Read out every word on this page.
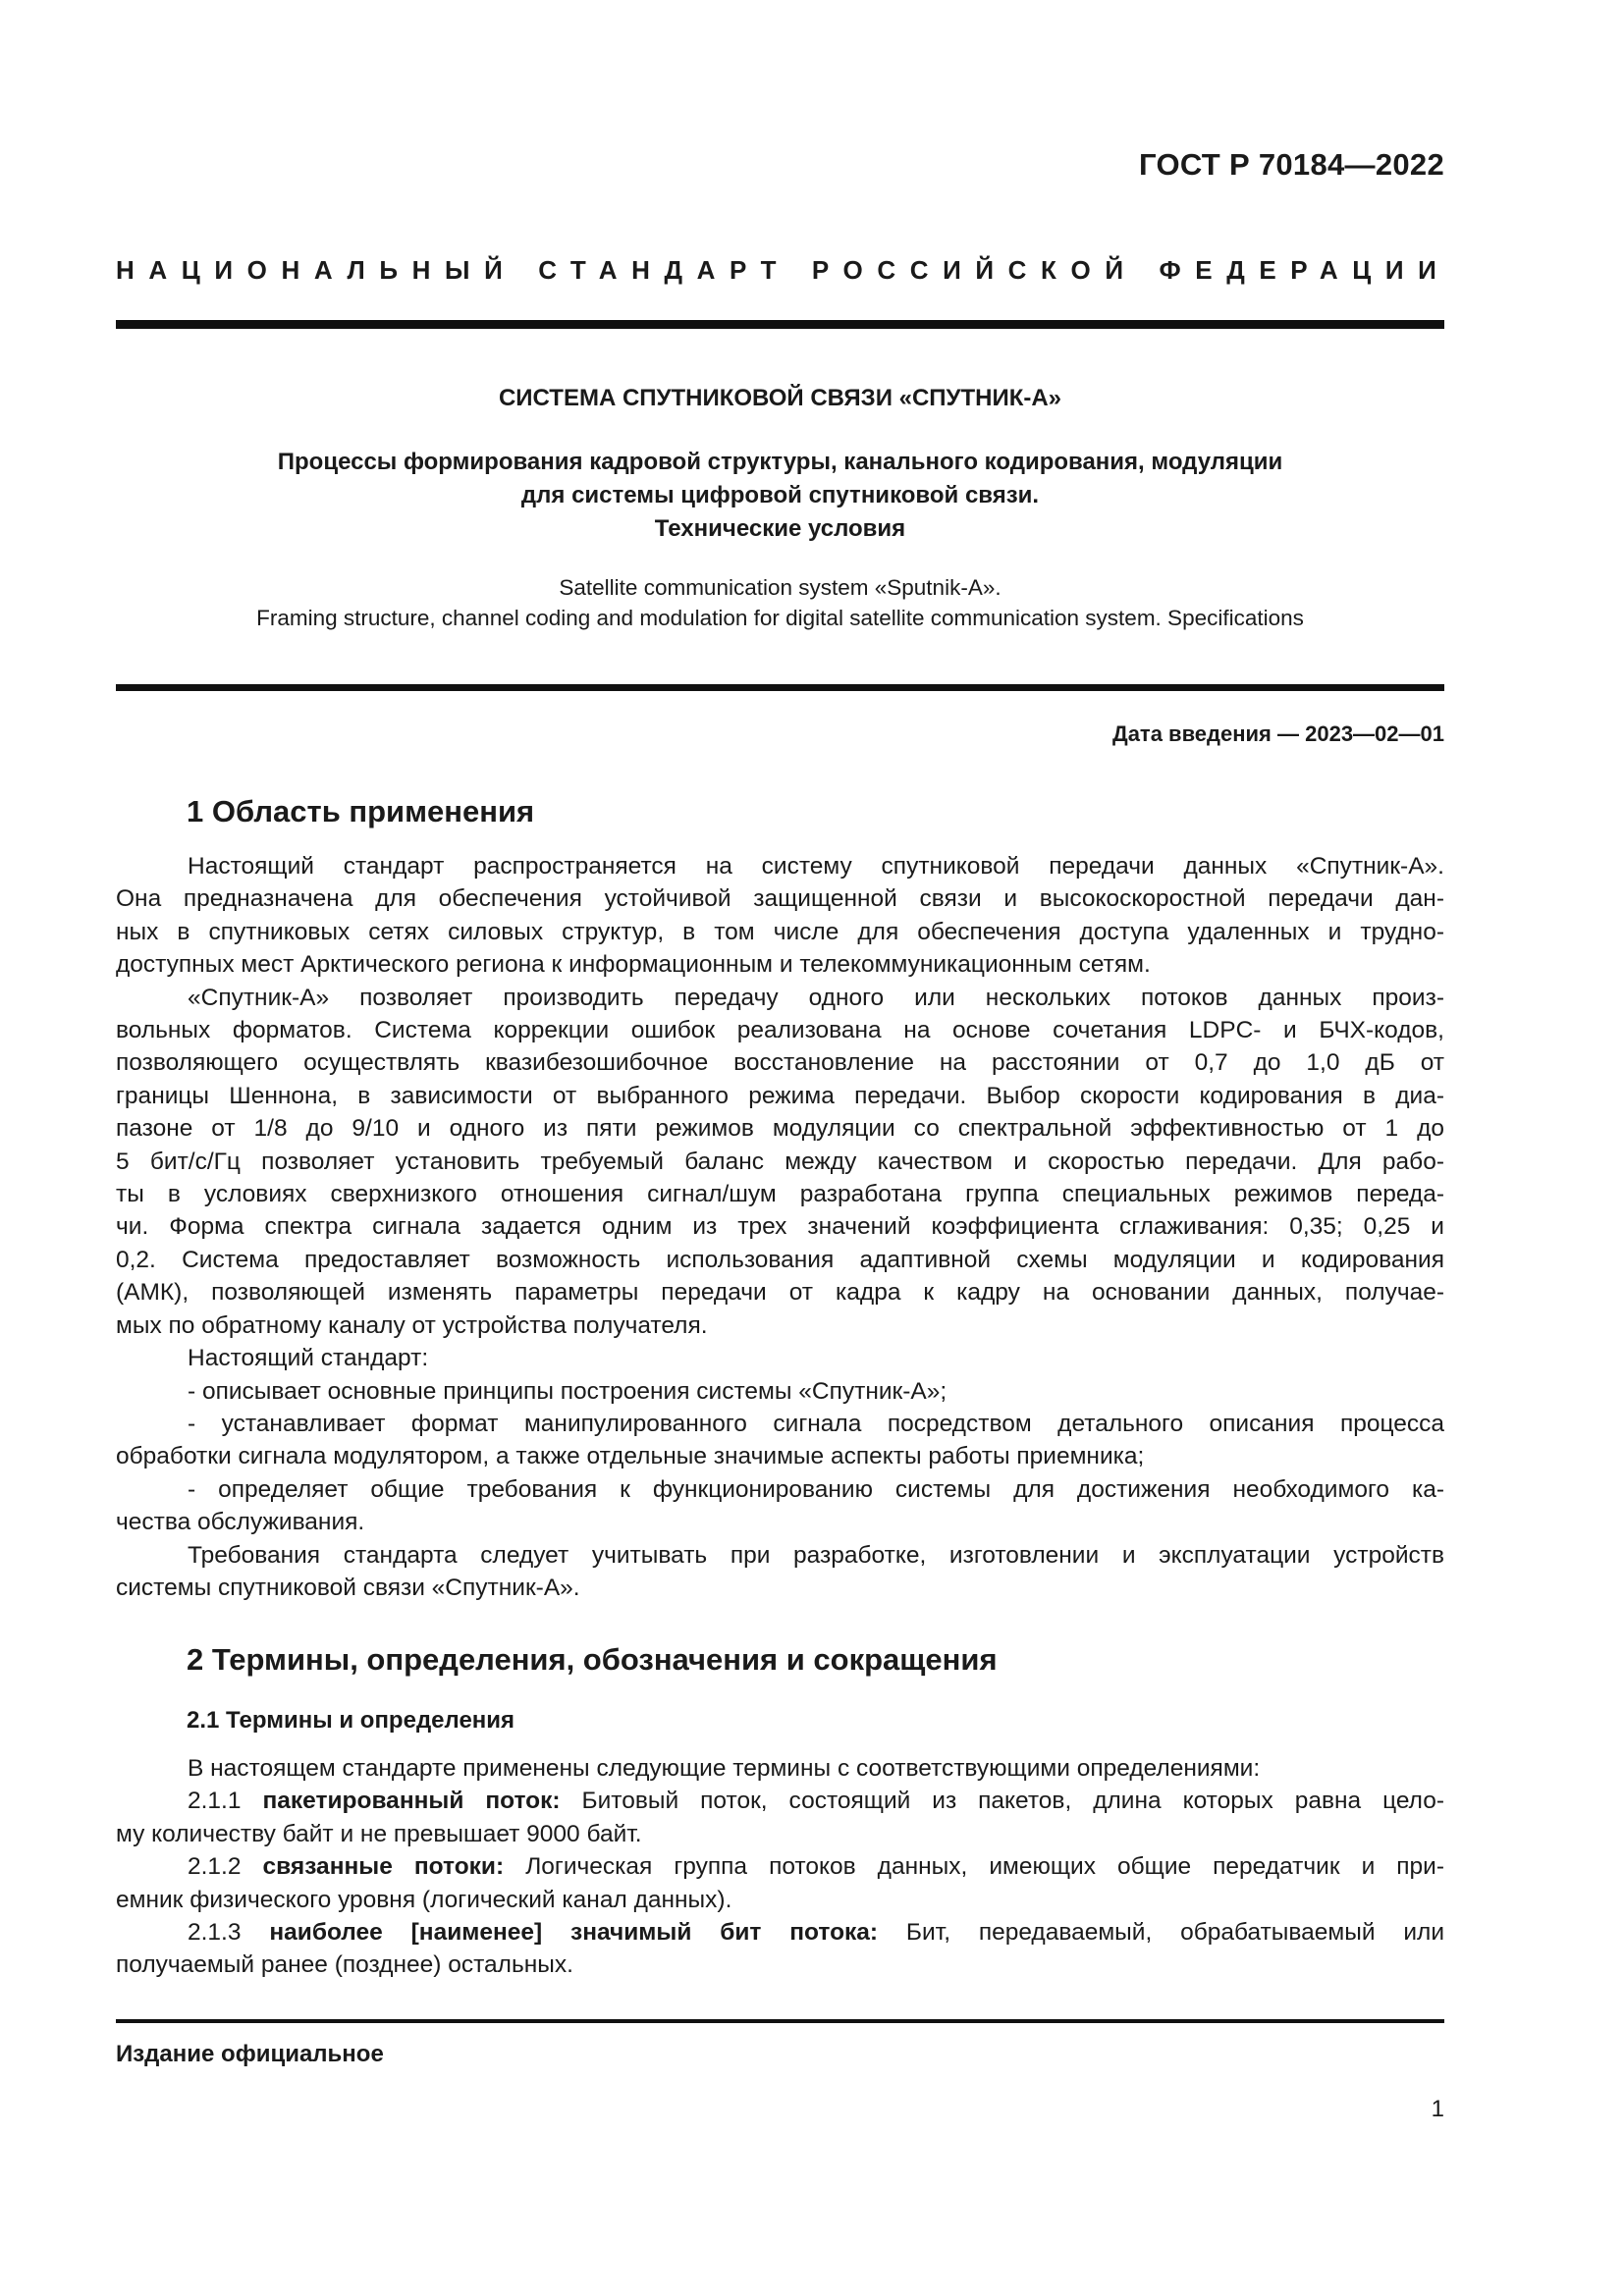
ГОСТ Р 70184—2022
НАЦИОНАЛЬНЫЙ СТАНДАРТ РОССИЙСКОЙ ФЕДЕРАЦИИ
СИСТЕМА СПУТНИКОВОЙ СВЯЗИ «СПУТНИК-А»
Процессы формирования кадровой структуры, канального кодирования, модуляции
для системы цифровой спутниковой связи.
Технические условия
Satellite communication system «Sputnik-A».
Framing structure, channel coding and modulation for digital satellite communication system. Specifications
Дата введения — 2023—02—01
1 Область применения
Настоящий стандарт распространяется на систему спутниковой передачи данных «Спутник-А».
Она предназначена для обеспечения устойчивой защищенной связи и высокоскоростной передачи дан-
ных в спутниковых сетях силовых структур, в том числе для обеспечения доступа удаленных и трудно-
доступных мест Арктического региона к информационным и телекоммуникационным сетям.
«Спутник-А» позволяет производить передачу одного или нескольких потоков данных произ-
вольных форматов. Система коррекции ошибок реализована на основе сочетания LDPC- и БЧХ-кодов,
позволяющего осуществлять квазибезошибочное восстановление на расстоянии от 0,7 до 1,0 дБ от
границы Шеннона, в зависимости от выбранного режима передачи. Выбор скорости кодирования в диа-
пазоне от 1/8 до 9/10 и одного из пяти режимов модуляции со спектральной эффективностью от 1 до
5 бит/с/Гц позволяет установить требуемый баланс между качеством и скоростью передачи. Для рабо-
ты в условиях сверхнизкого отношения сигнал/шум разработана группа специальных режимов переда-
чи. Форма спектра сигнала задается одним из трех значений коэффициента сглаживания: 0,35; 0,25 и
0,2. Система предоставляет возможность использования адаптивной схемы модуляции и кодирования
(АМК), позволяющей изменять параметры передачи от кадра к кадру на основании данных, получае-
мых по обратному каналу от устройства получателя.
Настоящий стандарт:
- описывает основные принципы построения системы «Спутник-А»;
- устанавливает формат манипулированного сигнала посредством детального описания процесса
обработки сигнала модулятором, а также отдельные значимые аспекты работы приемника;
- определяет общие требования к функционированию системы для достижения необходимого ка-
чества обслуживания.
Требования стандарта следует учитывать при разработке, изготовлении и эксплуатации устройств
системы спутниковой связи «Спутник-А».
2 Термины, определения, обозначения и сокращения
2.1 Термины и определения
В настоящем стандарте применены следующие термины с соответствующими определениями:
2.1.1 пакетированный поток: Битовый поток, состоящий из пакетов, длина которых равна цело-
му количеству байт и не превышает 9000 байт.
2.1.2 связанные потоки: Логическая группа потоков данных, имеющих общие передатчик и при-
емник физического уровня (логический канал данных).
2.1.3 наиболее [наименее] значимый бит потока: Бит, передаваемый, обрабатываемый или
получаемый ранее (позднее) остальных.
Издание официальное
1
